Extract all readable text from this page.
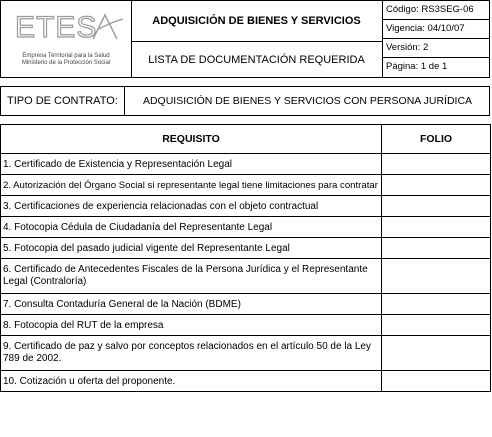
ETES
ETESA
Empresa Territorial para la Salud
Ministerio de la Protección Social
ADQUISICIÓN DE BIENES Y SERVICIOS
LISTA DE DOCUMENTACIÓN REQUERIDA
Código: RS3SEG-06
Vigencia: 04/10/07
Versión: 2
Página: 1 de 1
TIPO DE CONTRATO:	ADQUISICIÓN DE BIENES Y SERVICIOS CON PERSONA JURÍDICA
REQUISITO	FOLIO
1. Certificado de Existencia y Representación Legal	
2. Autorización del Órgano Social si representante legal tiene limitaciones para contratar	
3. Certificaciones de experiencia relacionadas con el objeto contractual	
4. Fotocopia Cédula de Ciudadanía del Representante Legal	
5. Fotocopia del pasado judicial vigente del Representante Legal	
6. Certificado de Antecedentes Fiscales de la Persona Jurídica y el Representante Legal (Contraloría)	
7. Consulta Contaduría General de la Nación (BDME)	
8. Fotocopia del RUT de la empresa	
9. Certificado de paz y salvo por conceptos relacionados en el artículo 50 de la Ley 789 de 2002.	
10. Cotización u oferta del proponente.	
